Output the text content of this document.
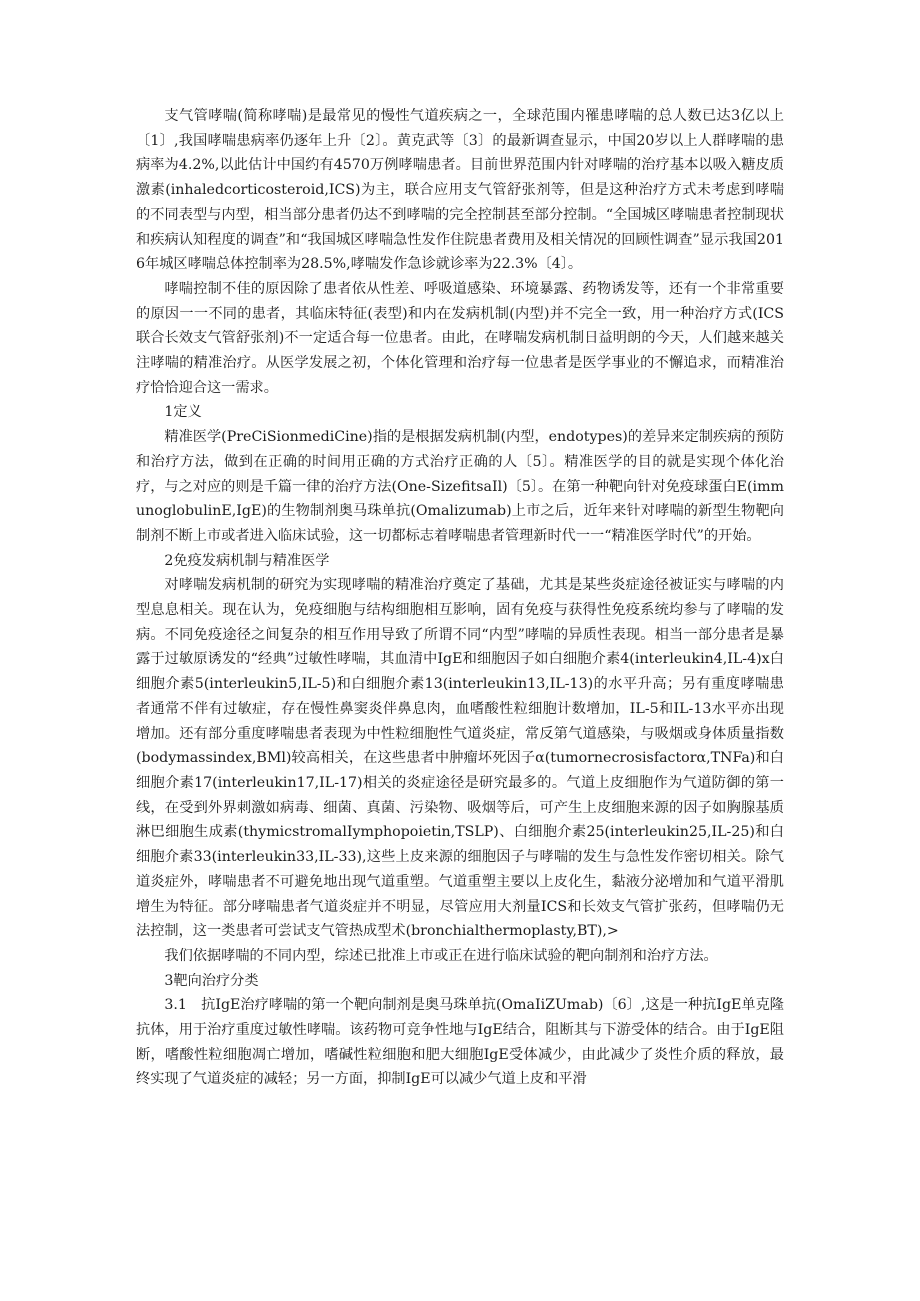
支气管哮喘(简称哮喘)是最常见的慢性气道疾病之一，全球范围内罹患哮喘的总人数已达3亿以上〔1〕,我国哮喘患病率仍逐年上升〔2〕。黄克武等〔3〕的最新调查显示，中国20岁以上人群哮喘的患病率为4.2%,以此估计中国约有4570万例哮喘患者。目前世界范围内针对哮喘的治疗基本以吸入糖皮质激素(inhaledcorticosteroid,ICS)为主，联合应用支气管舒张剂等，但是这种治疗方式未考虑到哮喘的不同表型与内型，相当部分患者仍达不到哮喘的完全控制甚至部分控制。“全国城区哮喘患者控制现状和疾病认知程度的调查”和“我国城区哮喘急性发作住院患者费用及相关情况的回顾性调查”显示我国2016年城区哮喘总体控制率为28.5%,哮喘发作急诊就诊率为22.3%〔4〕。

哮喘控制不佳的原因除了患者依从性差、呼吸道感染、环境暴露、药物诱发等，还有一个非常重要的原因一一不同的患者，其临床特征(表型)和内在发病机制(内型)并不完全一致，用一种治疗方式(ICS联合长效支气管舒张剂)不一定适合每一位患者。由此，在哮喘发病机制日益明朗的今天，人们越来越关注哮喘的精准治疗。从医学发展之初，个体化管理和治疗每一位患者是医学事业的不懈追求，而精准治疗恰恰迎合这一需求。

1定义

精准医学(PreCiSionmediCine)指的是根据发病机制(内型，endotypes)的差异来定制疾病的预防和治疗方法，做到在正确的时间用正确的方式治疗正确的人〔5〕。精准医学的目的就是实现个体化治疗，与之对应的则是千篇一律的治疗方法(One-SizefitsaIl)〔5〕。在第一种靶向针对免疫球蛋白E(immunoglobulinE,IgE)的生物制剂奥马珠单抗(Omalizumab)上市之后，近年来针对哮喘的新型生物靶向制剂不断上市或者进入临床试验，这一切都标志着哮喘患者管理新时代一一“精准医学时代”的开始。

2免疫发病机制与精准医学

对哮喘发病机制的研究为实现哮喘的精准治疗奠定了基础，尤其是某些炎症途径被证实与哮喘的内型息息相关。现在认为，免疫细胞与结构细胞相互影响，固有免疫与获得性免疫系统均参与了哮喘的发病。不同免疫途径之间复杂的相互作用导致了所谓不同“内型”哮喘的异质性表现。相当一部分患者是暴露于过敏原诱发的“经典”过敏性哮喘，其血清中IgE和细胞因子如白细胞介素4(interleukin4,IL-4)x白细胞介素5(interleukin5,IL-5)和白细胞介素13(interleukin13,IL-13)的水平升高；另有重度哮喘患者通常不伴有过敏症，存在慢性鼻窦炎伴鼻息肉，血嗜酸性粒细胞计数增加，IL-5和IL-13水平亦出现增加。还有部分重度哮喘患者表现为中性粒细胞性气道炎症，常反第气道感染，与吸烟或身体质量指数(bodymassindex,BMl)较高相关，在这些患者中肿瘤坏死因子α(tumornecrosisfactorα,TNFa)和白细胞介素17(interleukin17,IL-17)相关的炎症途径是研究最多的。气道上皮细胞作为气道防御的第一线，在受到外界刺激如病毒、细菌、真菌、污染物、吸烟等后，可产生上皮细胞来源的因子如胸腺基质淋巴细胞生成素(thymicstromalIymphopoietin,TSLP)、白细胞介素25(interleukin25,IL-25)和白细胞介素33(interleukin33,IL-33),这些上皮来源的细胞因子与哮喘的发生与急性发作密切相关。除气道炎症外，哮喘患者不可避免地出现气道重塑。气道重塑主要以上皮化生，黏液分泌增加和气道平滑肌增生为特征。部分哮喘患者气道炎症并不明显，尽管应用大剂量ICS和长效支气管扩张药，但哮喘仍无法控制，这一类患者可尝试支气管热成型术(bronchialthermoplasty,BT),>

我们依据哮喘的不同内型，综述已批准上市或正在进行临床试验的靶向制剂和治疗方法。

3靶向治疗分类

3.1　抗IgE治疗哮喘的第一个靶向制剂是奥马珠单抗(OmaIiZUmab)〔6〕,这是一种抗IgE单克隆抗体，用于治疗重度过敏性哮喘。该药物可竞争性地与IgE结合，阻断其与下游受体的结合。由于IgE阻断，嗜酸性粒细胞凋亡增加，嗜碱性粒细胞和肥大细胞IgE受体减少，由此减少了炎性介质的释放，最终实现了气道炎症的减轻；另一方面，抑制IgE可以减少气道上皮和平滑
